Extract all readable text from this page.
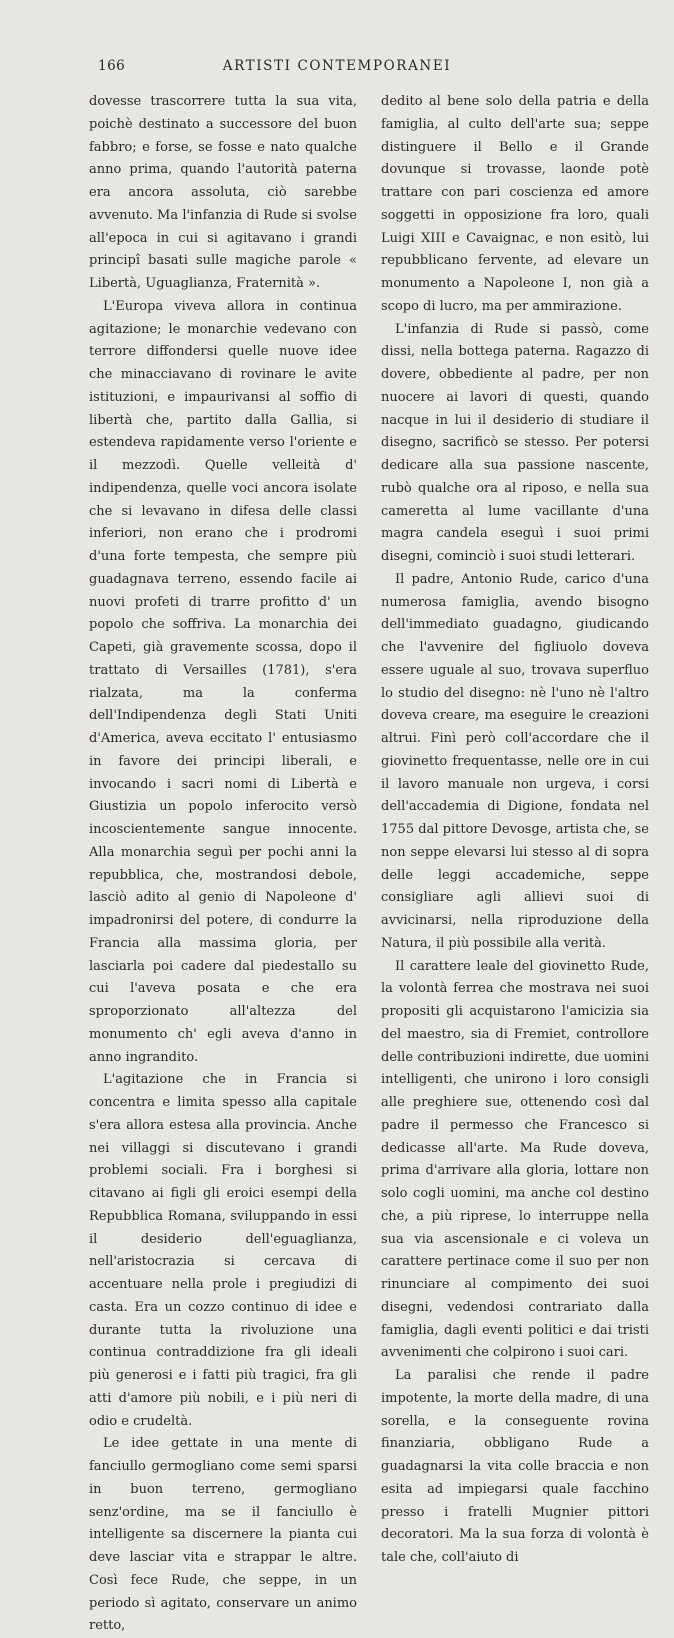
166	ARTISTI CONTEMPORANEI

dovesse trascorrere tutta la sua vita, poichè destinato a successore del buon fabbro; e forse, se fosse e nato qualche anno prima, quando l'autorità paterna era ancora assoluta, ciò sarebbe avvenuto. Ma l'infanzia di Rude si svolse all'epoca in cui si agitavano i grandi principî basati sulle magiche parole « Libertà, Uguaglianza, Fraternità ».

L'Europa viveva allora in continua agitazione; le monarchie vedevano con terrore diffondersi quelle nuove idee che minacciavano di rovinare le avite istituzioni, e impaurivansi al soffio di libertà che, partito dalla Gallia, si estendeva rapidamente verso l'oriente e il mezzodì. Quelle velleità d' indipendenza, quelle voci ancora isolate che si levavano in difesa delle classi inferiori, non erano che i prodromi d'una forte tempesta, che sempre più guadagnava terreno, essendo facile ai nuovi profeti di trarre profitto d' un popolo che soffriva. La monarchia dei Capeti, già gravemente scossa, dopo il trattato di Versailles (1781), s'era rialzata, ma la conferma dell'Indipendenza degli Stati Uniti d'America, aveva eccitato l' entusiasmo in favore dei principi liberali, e invocando i sacri nomi di Libertà e Giustizia un popolo inferocito versò incoscientemente sangue innocente. Alla monarchia seguì per pochi anni la repubblica, che, mostrandosi debole, lasciò adito al genio di Napoleone d' impadronirsi del potere, di condurre la Francia alla massima gloria, per lasciarla poi cadere dal piedestallo su cui l'aveva posata e che era sproporzionato all'altezza del monumento ch' egli aveva d'anno in anno ingrandito.

L'agitazione che in Francia si concentra e limita spesso alla capitale s'era allora estesa alla provincia. Anche nei villaggi si discutevano i grandi problemi sociali. Fra i borghesi si citavano ai figli gli eroici esempi della Repubblica Romana, sviluppando in essi il desiderio dell'eguaglianza, nell'aristocrazia si cercava di accentuare nella prole i pregiudizi di casta. Era un cozzo continuo di idee e durante tutta la rivoluzione una continua contraddizione fra gli ideali più generosi e i fatti più tragici, fra gli atti d'amore più nobili, e i più neri di odio e crudeltà.

Le idee gettate in una mente di fanciullo germogliano come semi sparsi in buon terreno, germogliano senz'ordine, ma se il fanciullo è intelligente sa discernere la pianta cui deve lasciar vita e strappar le altre. Così fece Rude, che seppe, in un periodo sì agitato, conservare un animo retto,

dedito al bene solo della patria e della famiglia, al culto dell'arte sua; seppe distinguere il Bello e il Grande dovunque si trovasse, laonde potè trattare con pari coscienza ed amore soggetti in opposizione fra loro, quali Luigi XIII e Cavaignac, e non esitò, lui repubblicano fervente, ad elevare un monumento a Napoleone I, non già a scopo di lucro, ma per ammirazione.

L'infanzia di Rude si passò, come dissi, nella bottega paterna. Ragazzo di dovere, obbediente al padre, per non nuocere ai lavori di questi, quando nacque in lui il desiderio di studiare il disegno, sacrificò se stesso. Per potersi dedicare alla sua passione nascente, rubò qualche ora al riposo, e nella sua cameretta al lume vacillante d'una magra candela eseguì i suoi primi disegni, cominciò i suoi studi letterari.

Il padre, Antonio Rude, carico d'una numerosa famiglia, avendo bisogno dell'immediato guadagno, giudicando che l'avvenire del figliuolo doveva essere uguale al suo, trovava superfluo lo studio del disegno: nè l'uno nè l'altro doveva creare, ma eseguire le creazioni altrui. Finì però coll'accordare che il giovinetto frequentasse, nelle ore in cui il lavoro manuale non urgeva, i corsi dell'accademia di Digione, fondata nel 1755 dal pittore Devosge, artista che, se non seppe elevarsi lui stesso al di sopra delle leggi accademiche, seppe consigliare agli allievi suoi di avvicinarsi, nella riproduzione della Natura, il più possibile alla verità.

Il carattere leale del giovinetto Rude, la volontà ferrea che mostrava nei suoi propositi gli acquistarono l'amicizia sia del maestro, sia di Fremiet, controllore delle contribuzioni indirette, due uomini intelligenti, che unirono i loro consigli alle preghiere sue, ottenendo così dal padre il permesso che Francesco si dedicasse all'arte. Ma Rude doveva, prima d'arrivare alla gloria, lottare non solo cogli uomini, ma anche col destino che, a più riprese, lo interruppe nella sua via ascensionale e ci voleva un carattere pertinace come il suo per non rinunciare al compimento dei suoi disegni, vedendosi contrariato dalla famiglia, dagli eventi politici e dai tristi avvenimenti che colpirono i suoi cari.

La paralisi che rende il padre impotente, la morte della madre, di una sorella, e la conseguente rovina finanziaria, obbligano Rude a guadagnarsi la vita colle braccia e non esita ad impiegarsi quale facchino presso i fratelli Mugnier pittori decoratori. Ma la sua forza di volontà è tale che, coll'aiuto di
